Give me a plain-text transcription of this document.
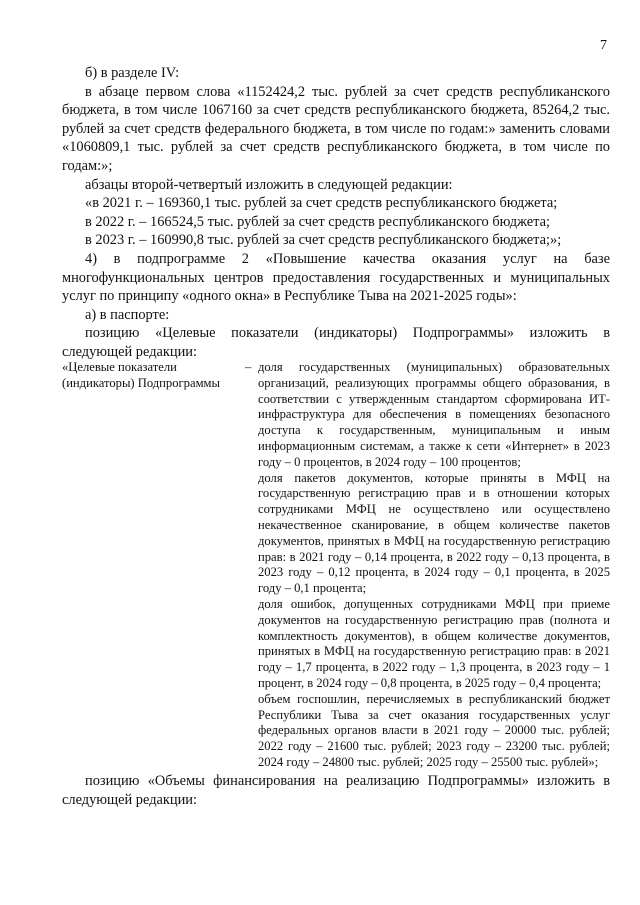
7

б) в разделе IV:

в абзаце первом слова «1152424,2 тыс. рублей за счет средств республиканского бюджета, в том числе 1067160 за счет средств республиканского бюджета, 85264,2 тыс. рублей за счет средств федерального бюджета, в том числе по годам:» заменить словами «1060809,1 тыс. рублей за счет средств республиканского бюджета, в том числе по годам:»;

абзацы второй-четвертый изложить в следующей редакции:

«в 2021 г. – 169360,1 тыс. рублей за счет средств республиканского бюджета;

в 2022 г. – 166524,5 тыс. рублей за счет средств республиканского бюджета;

в 2023 г. – 160990,8 тыс. рублей за счет средств республиканского бюджета;»;

4) в подпрограмме 2 «Повышение качества оказания услуг на базе многофункциональных центров предоставления государственных и муниципальных услуг по принципу «одного окна» в Республике Тыва на 2021-2025 годы»:

а) в паспорте:

позицию «Целевые показатели (индикаторы) Подпрограммы» изложить в следующей редакции:

«Целевые показатели (индикаторы) Подпрограммы
– доля государственных (муниципальных) образовательных организаций, реализующих программы общего образования, в соответствии с утвержденным стандартом сформирована ИТ-инфраструктура для обеспечения в помещениях безопасного доступа к государственным, муниципальным и иным информационным системам, а также к сети «Интернет» в 2023 году – 0 процентов, в 2024 году – 100 процентов;

доля пакетов документов, которые приняты в МФЦ на государственную регистрацию прав и в отношении которых сотрудниками МФЦ не осуществлено или осуществлено некачественное сканирование, в общем количестве пакетов документов, принятых в МФЦ на государственную регистрацию прав: в 2021 году – 0,14 процента, в 2022 году – 0,13 процента, в 2023 году – 0,12 процента, в 2024 году – 0,1 процента, в 2025 году – 0,1 процента;

доля ошибок, допущенных сотрудниками МФЦ при приеме документов на государственную регистрацию прав (полнота и комплектность документов), в общем количестве документов, принятых в МФЦ на государственную регистрацию прав: в 2021 году – 1,7 процента, в 2022 году – 1,3 процента, в 2023 году – 1 процент, в 2024 году – 0,8 процента, в 2025 году – 0,4 процента;

объем госпошлин, перечисляемых в республиканский бюджет Республики Тыва за счет оказания государственных услуг федеральных органов власти в 2021 году – 20000 тыс. рублей; 2022 году – 21600 тыс. рублей; 2023 году – 23200 тыс. рублей; 2024 году – 24800 тыс. рублей; 2025 году – 25500 тыс. рублей»;

позицию «Объемы финансирования на реализацию Подпрограммы» изложить в следующей редакции:
